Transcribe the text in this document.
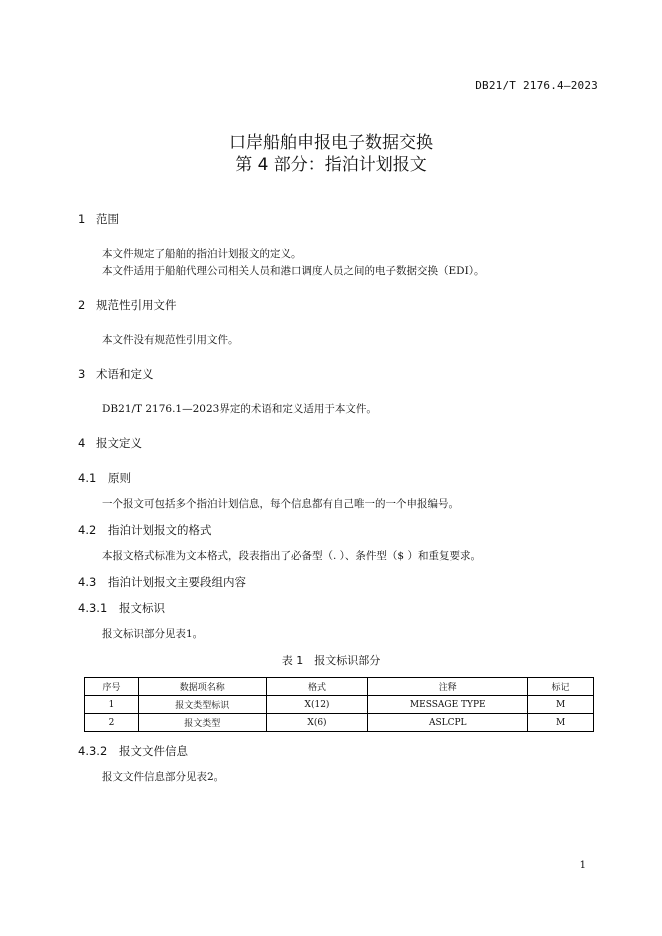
DB21/T 2176.4—2023
口岸船舶申报电子数据交换
第 4 部分：指泊计划报文
1 范围
本文件规定了船舶的指泊计划报文的定义。
本文件适用于船舶代理公司相关人员和港口调度人员之间的电子数据交换（EDI）。
2 规范性引用文件
本文件没有规范性引用文件。
3 术语和定义
DB21/T 2176.1—2023界定的术语和定义适用于本文件。
4 报文定义
4.1 原则
一个报文可包括多个指泊计划信息，每个信息都有自己唯一的一个申报编号。
4.2 指泊计划报文的格式
本报文格式标准为文本格式，段表指出了必备型（. ）、条件型（$ ）和重复要求。
4.3 指泊计划报文主要段组内容
4.3.1 报文标识
报文标识部分见表1。
表 1　报文标识部分
序号	数据项名称	格式	注释	标记
1	报文类型标识	X(12)	MESSAGE TYPE	M
2	报文类型	X(6)	ASLCPL	M
4.3.2 报文文件信息
报文文件信息部分见表2。
1
